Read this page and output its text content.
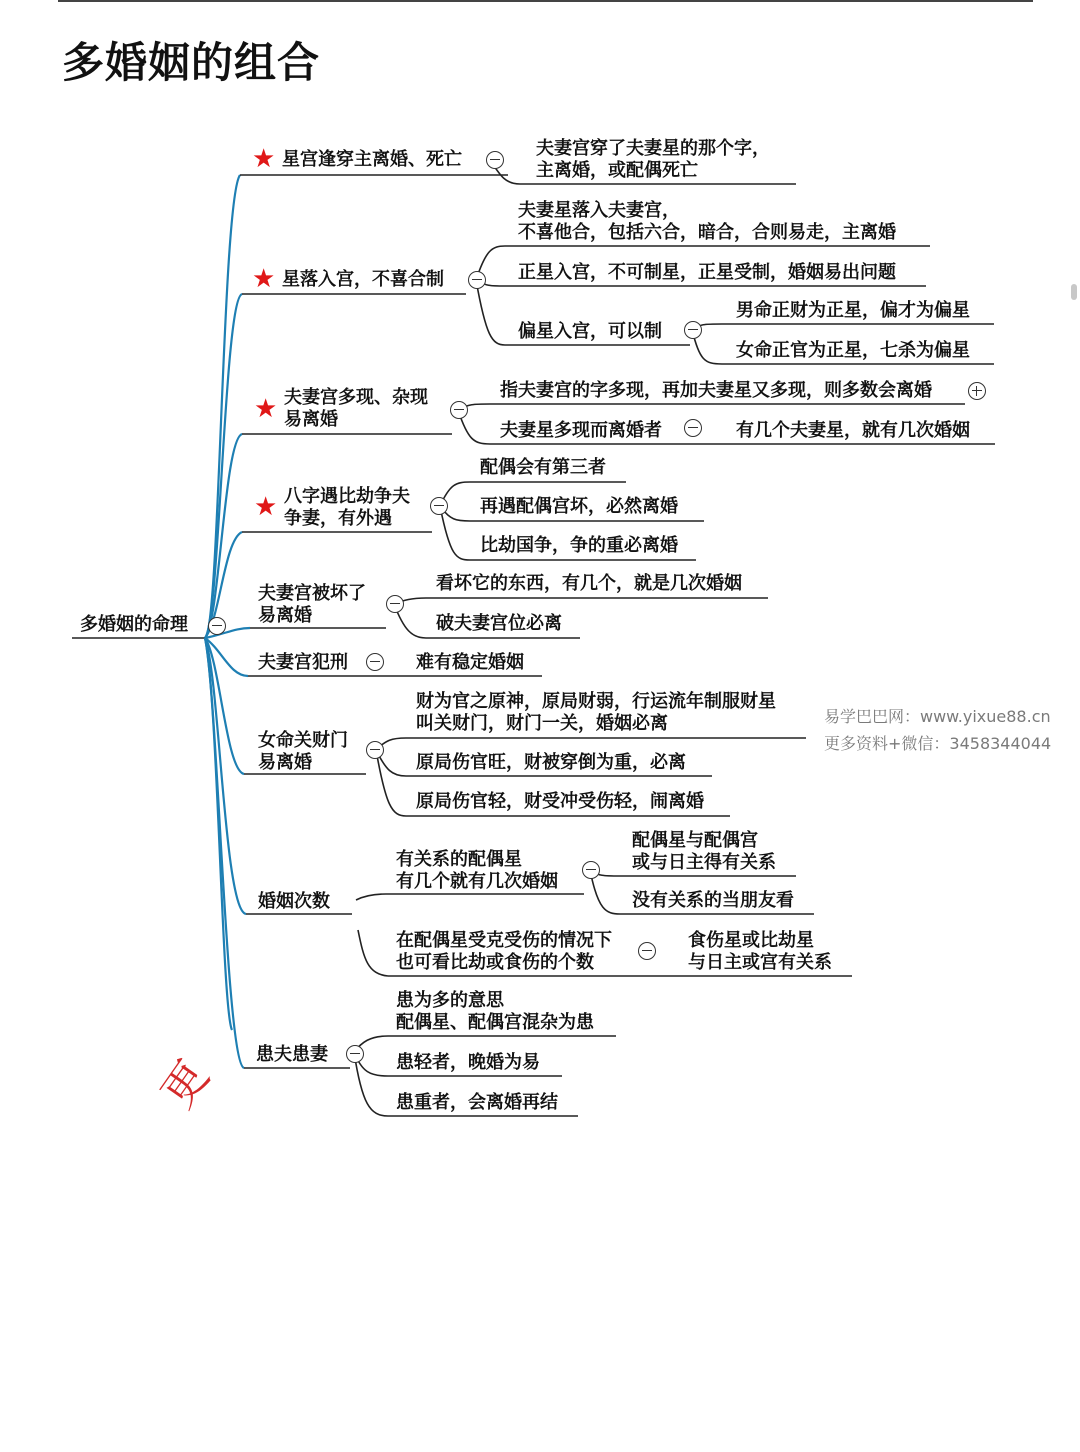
多婚姻的组合
多婚姻的命理
★ 星宫逢穿主离婚、死亡
夫妻宫穿了夫妻星的那个字，
主离婚，或配偶死亡
★ 星落入宫，不喜合制
夫妻星落入夫妻宫，
不喜他合，包括六合，暗合，合则易走，主离婚
正星入宫，不可制星，正星受制，婚姻易出问题
偏星入宫，可以制
男命正财为正星，偏才为偏星
女命正官为正星，七杀为偏星
★ 夫妻宫多现、杂现
易离婚
指夫妻宫的字多现，再加夫妻星又多现，则多数会离婚
夫妻星多现而离婚者	有几个夫妻星，就有几次婚姻
★ 八字遇比劫争夫
争妻，有外遇
配偶会有第三者
再遇配偶宫坏，必然离婚
比劫国争，争的重必离婚
夫妻宫被坏了
易离婚
看坏它的东西，有几个，就是几次婚姻
破夫妻宫位必离
夫妻宫犯刑	难有稳定婚姻
女命关财门
易离婚
财为官之原神，原局财弱，行运流年制服财星
叫关财门，财门一关，婚姻必离
原局伤官旺，财被穿倒为重，必离
原局伤官轻，财受冲受伤轻，闹离婚
婚姻次数
有关系的配偶星
有几个就有几次婚姻
配偶星与配偶宫
或与日主得有关系
没有关系的当朋友看
在配偶星受克受伤的情况下
也可看比劫或食伤的个数
食伤星或比劫星
与日主或宫有关系
患夫患妻
患为多的意思
配偶星、配偶宫混杂为患
患轻者，晚婚为易
患重者，会离婚再结
易学巴巴网：www.yixue88.cn
更多资料+微信：3458344044
更
